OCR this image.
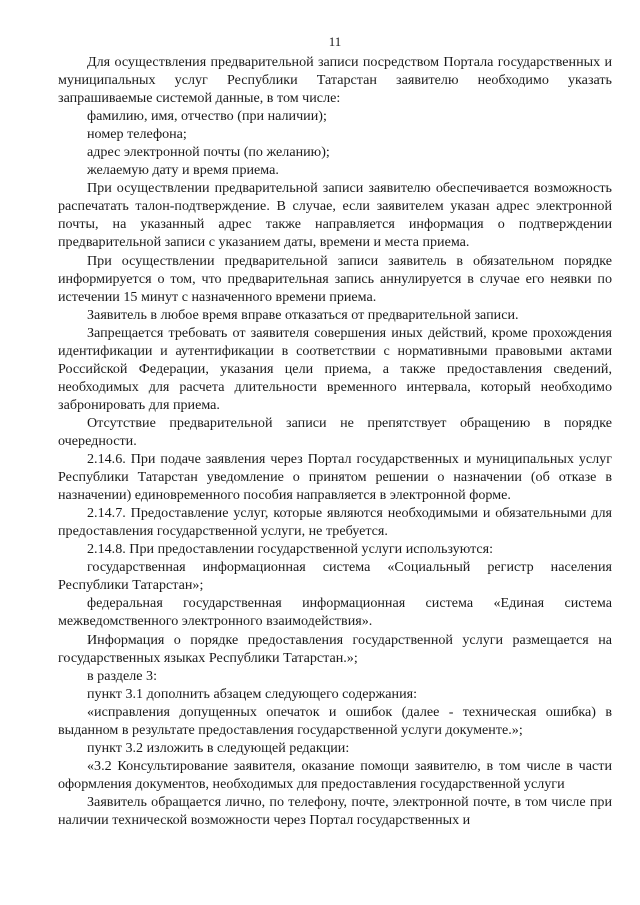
11

Для осуществления предварительной записи посредством Портала государственных и муниципальных услуг Республики Татарстан заявителю необходимо указать запрашиваемые системой данные, в том числе:

фамилию, имя, отчество (при наличии);

номер телефона;

адрес электронной почты (по желанию);

желаемую дату и время приема.

При осуществлении предварительной записи заявителю обеспечивается возможность распечатать талон-подтверждение. В случае, если заявителем указан адрес электронной почты, на указанный адрес также направляется информация о подтверждении предварительной записи с указанием даты, времени и места приема.

При осуществлении предварительной записи заявитель в обязательном порядке информируется о том, что предварительная запись аннулируется в случае его неявки по истечении 15 минут с назначенного времени приема.

Заявитель в любое время вправе отказаться от предварительной записи.

Запрещается требовать от заявителя совершения иных действий, кроме прохождения идентификации и аутентификации в соответствии с нормативными правовыми актами Российской Федерации, указания цели приема, а также предоставления сведений, необходимых для расчета длительности временного интервала, который необходимо забронировать для приема.

Отсутствие предварительной записи не препятствует обращению в порядке очередности.

2.14.6. При подаче заявления через Портал государственных и муниципальных услуг Республики Татарстан уведомление о принятом решении о назначении (об отказе в назначении) единовременного пособия направляется в электронной форме.

2.14.7. Предоставление услуг, которые являются необходимыми и обязательными для предоставления государственной услуги, не требуется.

2.14.8. При предоставлении государственной услуги используются:

государственная информационная система «Социальный регистр населения Республики Татарстан»;

федеральная государственная информационная система «Единая система межведомственного электронного взаимодействия».

Информация о порядке предоставления государственной услуги размещается на государственных языках Республики Татарстан.»;

в разделе 3:

пункт 3.1 дополнить абзацем следующего содержания:

«исправления допущенных опечаток и ошибок (далее - техническая ошибка) в выданном в результате предоставления государственной услуги документе.»;

пункт 3.2 изложить в следующей редакции:

«3.2 Консультирование заявителя, оказание помощи заявителю, в том числе в части оформления документов, необходимых для предоставления государственной услуги

Заявитель обращается лично, по телефону, почте, электронной почте, в том числе при наличии технической возможности через Портал государственных и
